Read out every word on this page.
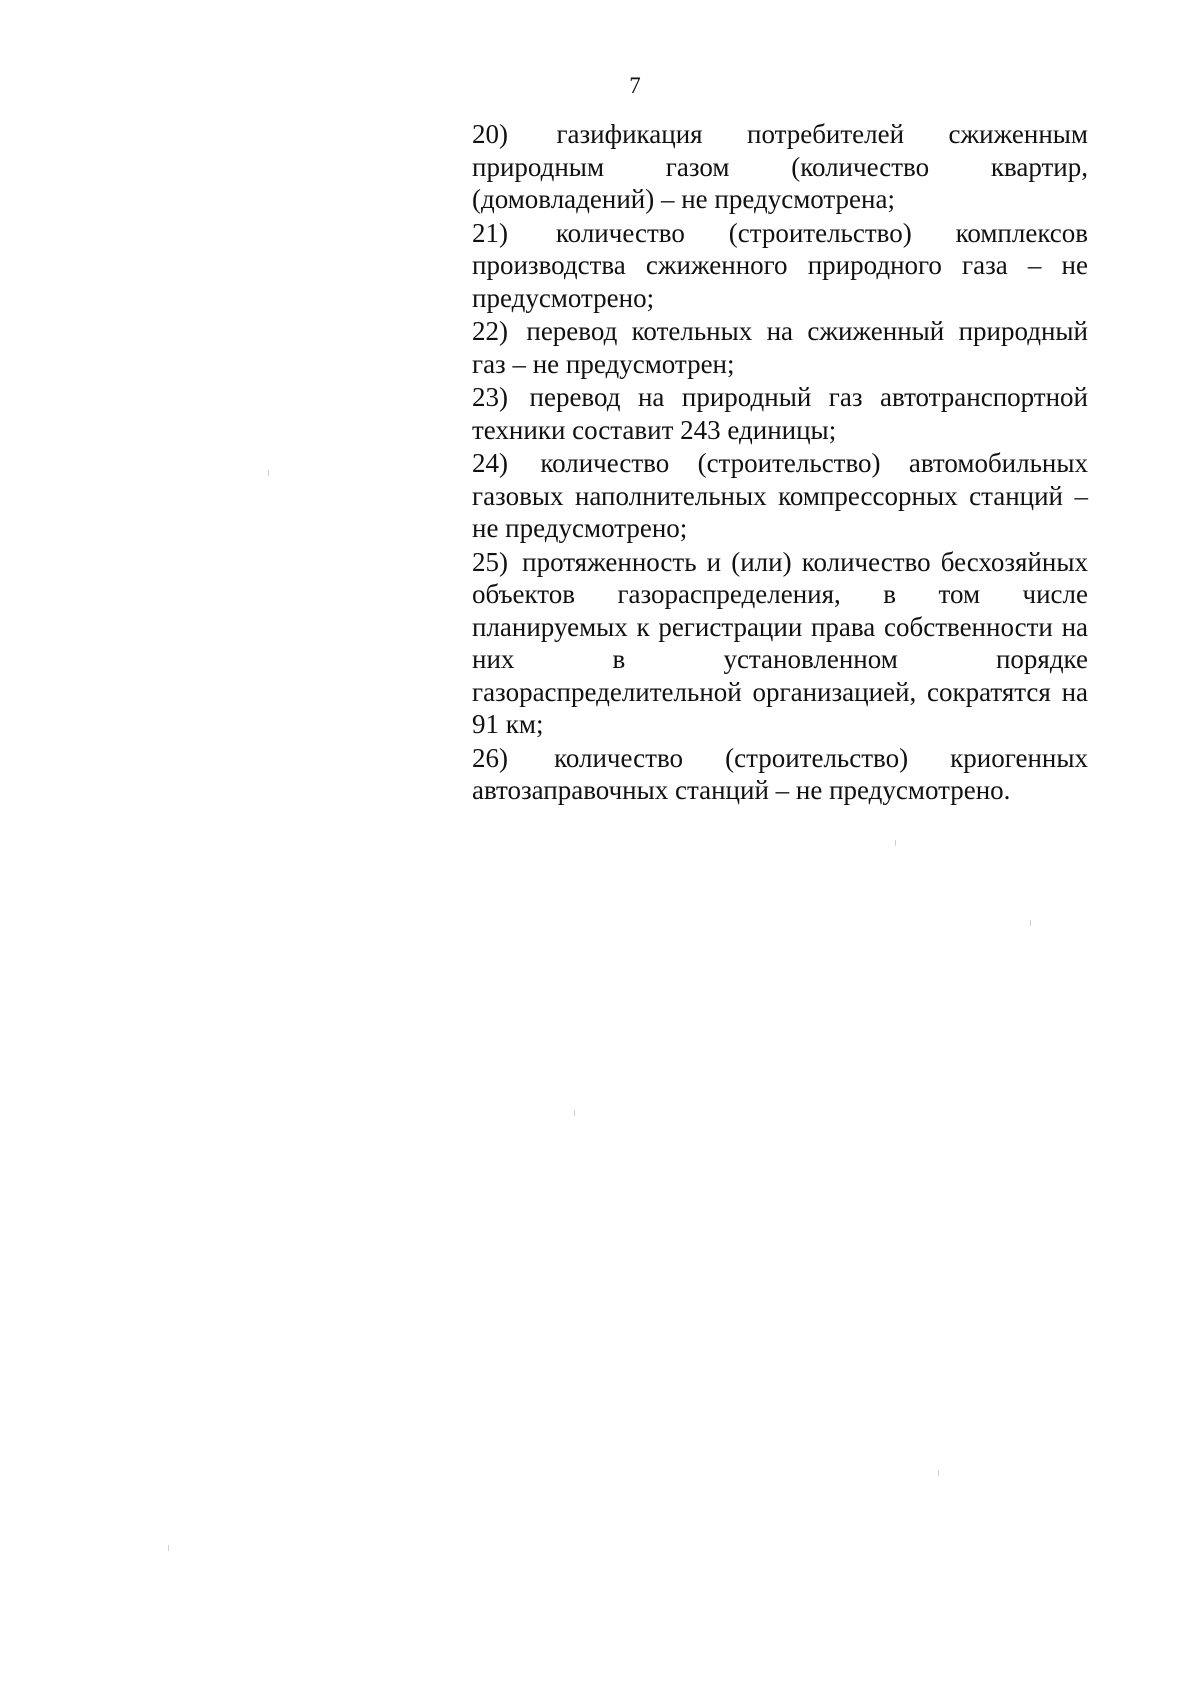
7

20) газификация потребителей сжиженным природным газом (количество квартир, (домовладений) – не предусмотрена;

21) количество (строительство) комплексов производства сжиженного природного газа – не предусмотрено;

22) перевод котельных на сжиженный природный газ – не предусмотрен;

23) перевод на природный газ автотранспортной техники составит 243 единицы;

24) количество (строительство) автомобильных газовых наполнительных компрессорных станций – не предусмотрено;

25) протяженность и (или) количество бесхозяйных объектов газораспределения, в том числе планируемых к регистрации права собственности на них в установленном порядке газораспределительной организацией, сократятся на 91 км;

26) количество (строительство) криогенных автозаправочных станций – не предусмотрено.
